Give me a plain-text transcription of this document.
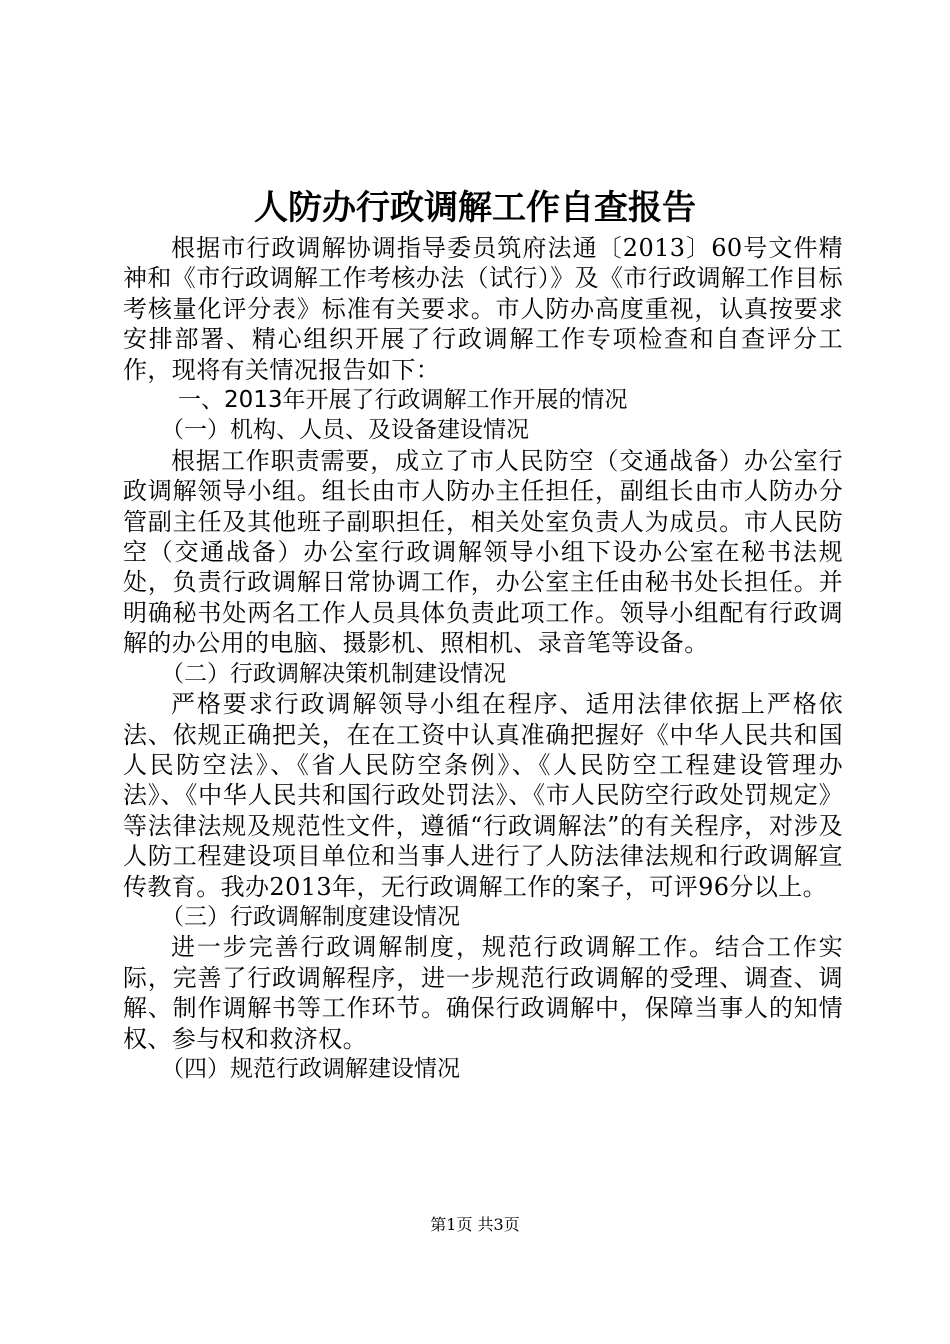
人防办行政调解工作自查报告

根据市行政调解协调指导委员筑府法通〔2013〕60号文件精神和《市行政调解工作考核办法（试行）》及《市行政调解工作目标考核量化评分表》标准有关要求。市人防办高度重视，认真按要求安排部署、精心组织开展了行政调解工作专项检查和自查评分工作，现将有关情况报告如下：

一、2013年开展了行政调解工作开展的情况

（一）机构、人员、及设备建设情况

根据工作职责需要，成立了市人民防空（交通战备）办公室行政调解领导小组。组长由市人防办主任担任，副组长由市人防办分管副主任及其他班子副职担任，相关处室负责人为成员。市人民防空（交通战备）办公室行政调解领导小组下设办公室在秘书法规处，负责行政调解日常协调工作，办公室主任由秘书处长担任。并明确秘书处两名工作人员具体负责此项工作。领导小组配有行政调解的办公用的电脑、摄影机、照相机、录音笔等设备。

（二）行政调解决策机制建设情况

严格要求行政调解领导小组在程序、适用法律依据上严格依法、依规正确把关，在在工资中认真准确把握好《中华人民共和国人民防空法》、《省人民防空条例》、《人民防空工程建设管理办法》、《中华人民共和国行政处罚法》、《市人民防空行政处罚规定》等法律法规及规范性文件，遵循“行政调解法”的有关程序，对涉及人防工程建设项目单位和当事人进行了人防法律法规和行政调解宣传教育。我办2013年，无行政调解工作的案子，可评96分以上。

（三）行政调解制度建设情况

进一步完善行政调解制度，规范行政调解工作。结合工作实际，完善了行政调解程序，进一步规范行政调解的受理、调查、调解、制作调解书等工作环节。确保行政调解中，保障当事人的知情权、参与权和救济权。

（四）规范行政调解建设情况

第1页 共3页
